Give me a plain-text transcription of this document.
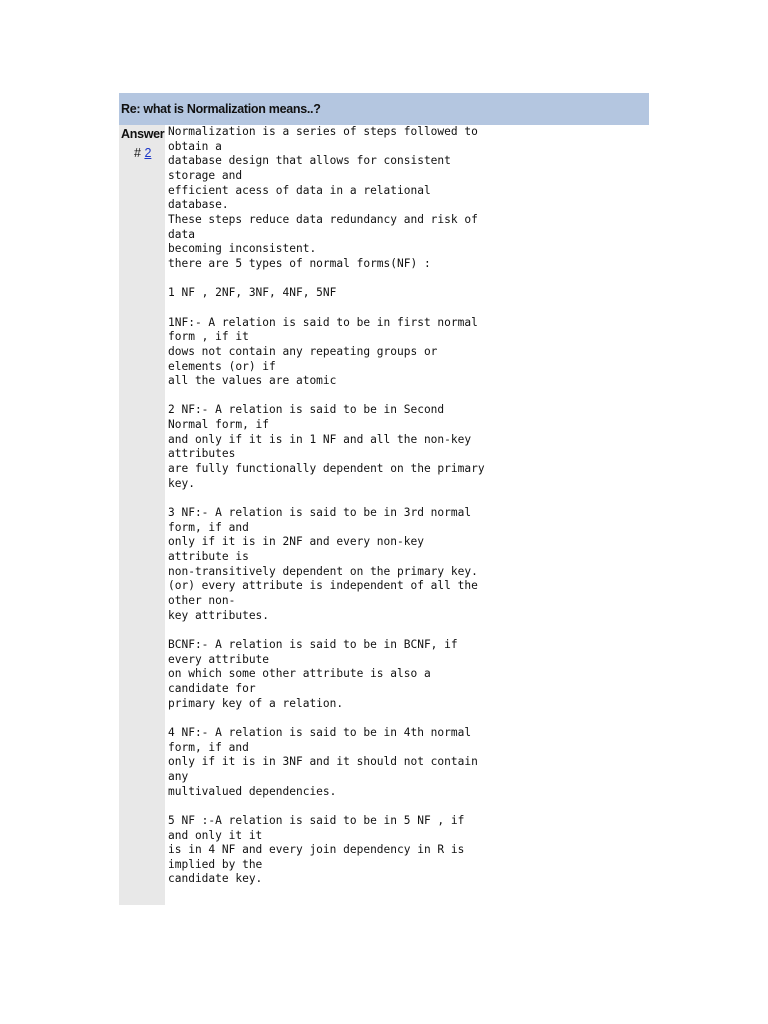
Re: what is Normalization means..?
Answer
# 2
Normalization is a series of steps followed to
obtain a
database design that allows for consistent
storage and
efficient acess of data in a relational
database.
These steps reduce data redundancy and risk of
data
becoming inconsistent.
there are 5 types of normal forms(NF) :

1 NF , 2NF, 3NF, 4NF, 5NF

1NF:- A relation is said to be in first normal
form , if it
dows not contain any repeating groups or
elements (or) if
all the values are atomic

2 NF:- A relation is said to be in Second
Normal form, if
and only if it is in 1 NF and all the non-key
attributes
are fully functionally dependent on the primary
key.

3 NF:- A relation is said to be in 3rd normal
form, if and
only if it is in 2NF and every non-key
attribute is
non-transitively dependent on the primary key.
(or) every attribute is independent of all the
other non-
key attributes.

BCNF:- A relation is said to be in BCNF, if
every attribute
on which some other attribute is also a
candidate for
primary key of a relation.

4 NF:- A relation is said to be in 4th normal
form, if and
only if it is in 3NF and it should not contain
any
multivalued dependencies.

5 NF :-A relation is said to be in 5 NF , if
and only it it
is in 4 NF and every join dependency in R is
implied by the
candidate key.
